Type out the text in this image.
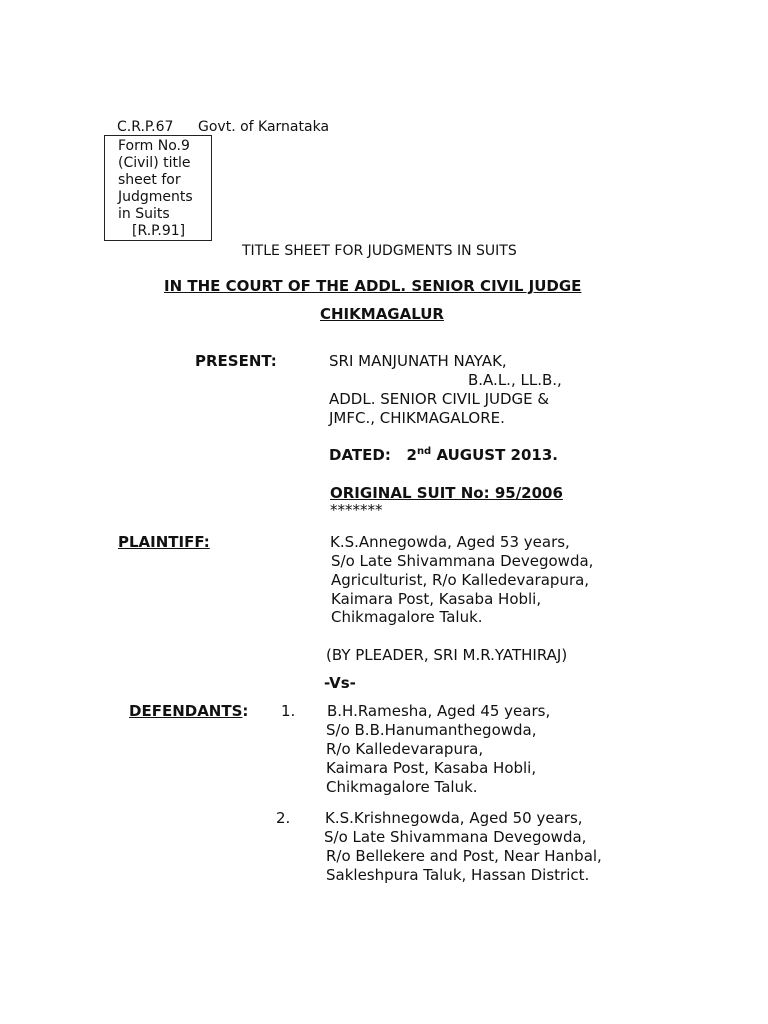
C.R.P.67 Govt. of Karnataka
Form No.9
(Civil) title
sheet for
Judgments
in Suits
[R.P.91]
TITLE SHEET FOR JUDGMENTS IN SUITS
IN THE COURT OF THE ADDL. SENIOR CIVIL JUDGE
CHIKMAGALUR
PRESENT:	SRI MANJUNATH NAYAK,
B.A.L., LL.B.,
ADDL. SENIOR CIVIL JUDGE &
JMFC., CHIKMAGALORE.
DATED: 2nd AUGUST 2013.
ORIGINAL SUIT No: 95/2006
*******
PLAINTIFF:	K.S.Annegowda, Aged 53 years,
S/o Late Shivammana Devegowda,
Agriculturist, R/o Kalledevarapura,
Kaimara Post, Kasaba Hobli,
Chikmagalore Taluk.
(BY PLEADER, SRI M.R.YATHIRAJ)
-Vs-
DEFENDANTS: 1. B.H.Ramesha, Aged 45 years,
S/o B.B.Hanumanthegowda,
R/o Kalledevarapura,
Kaimara Post, Kasaba Hobli,
Chikmagalore Taluk.
2. K.S.Krishnegowda, Aged 50 years,
S/o Late Shivammana Devegowda,
R/o Bellekere and Post, Near Hanbal,
Sakleshpura Taluk, Hassan District.
